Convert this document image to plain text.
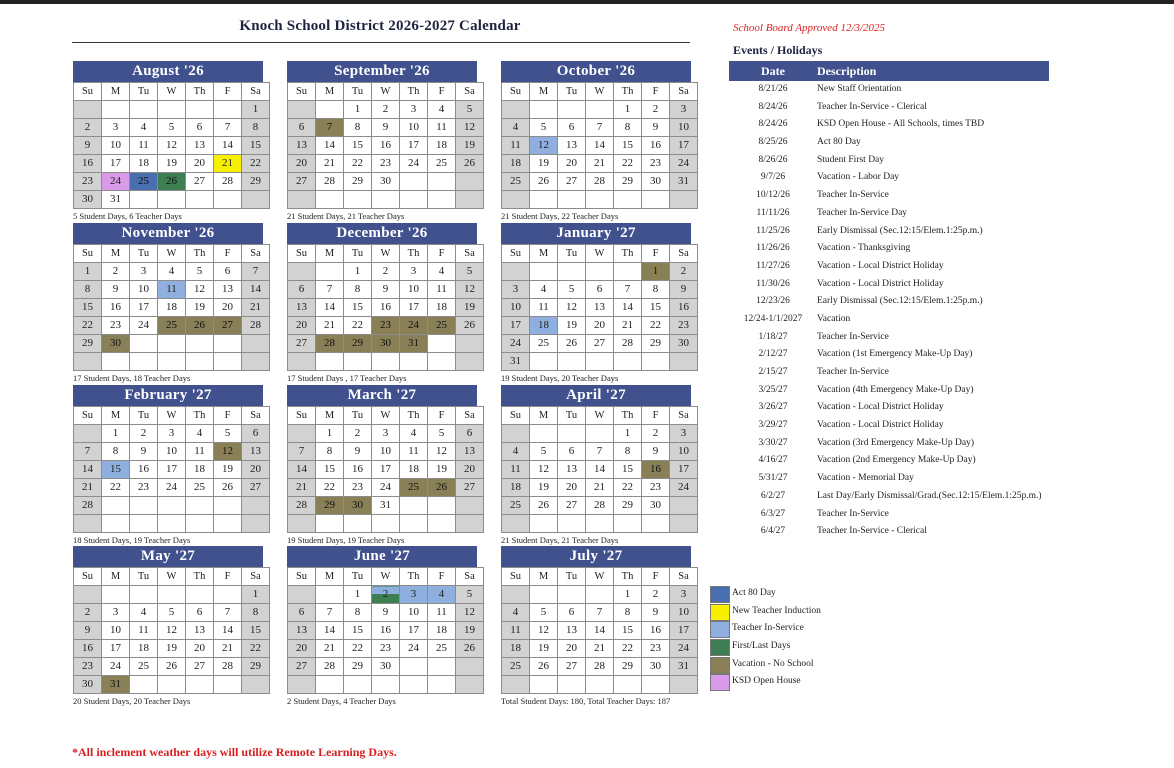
Knoch School District 2026-2027 Calendar
August '26
Su	M	Tu	W	Th	F	Sa
						1
2	3	4	5	6	7	8
9	10	11	12	13	14	15
16	17	18	19	20	21	22
23	24	25	26	27	28	29
30	31					
5 Student Days, 6 Teacher Days
September '26
Su	M	Tu	W	Th	F	Sa
		1	2	3	4	5
6	7	8	9	10	11	12
13	14	15	16	17	18	19
20	21	22	23	24	25	26
27	28	29	30			

21 Student Days, 21 Teacher Days
October '26
Su	M	Tu	W	Th	F	Sa
				1	2	3
4	5	6	7	8	9	10
11	12	13	14	15	16	17
18	19	20	21	22	23	24
25	26	27	28	29	30	31

21 Student Days, 22 Teacher Days
November '26
Su	M	Tu	W	Th	F	Sa
1	2	3	4	5	6	7
8	9	10	11	12	13	14
15	16	17	18	19	20	21
22	23	24	25	26	27	28
29	30					

17 Student Days, 18 Teacher Days
December '26
Su	M	Tu	W	Th	F	Sa
		1	2	3	4	5
6	7	8	9	10	11	12
13	14	15	16	17	18	19
20	21	22	23	24	25	26
27	28	29	30	31		

17 Student Days , 17 Teacher Days
January '27
Su	M	Tu	W	Th	F	Sa
					1	2
3	4	5	6	7	8	9
10	11	12	13	14	15	16
17	18	19	20	21	22	23
24	25	26	27	28	29	30
31						
19 Student Days, 20 Teacher Days
February '27
Su	M	Tu	W	Th	F	Sa
	1	2	3	4	5	6
7	8	9	10	11	12	13
14	15	16	17	18	19	20
21	22	23	24	25	26	27
28						

18 Student Days, 19 Teacher Days
March '27
Su	M	Tu	W	Th	F	Sa
	1	2	3	4	5	6
7	8	9	10	11	12	13
14	15	16	17	18	19	20
21	22	23	24	25	26	27
28	29	30	31			

19 Student Days, 19 Teacher Days
April '27
Su	M	Tu	W	Th	F	Sa
				1	2	3
4	5	6	7	8	9	10
11	12	13	14	15	16	17
18	19	20	21	22	23	24
25	26	27	28	29	30	

21 Student Days, 21 Teacher Days
May '27
Su	M	Tu	W	Th	F	Sa
						1
2	3	4	5	6	7	8
9	10	11	12	13	14	15
16	17	18	19	20	21	22
23	24	25	26	27	28	29
30	31					
20 Student Days, 20 Teacher Days
June '27
Su	M	Tu	W	Th	F	Sa
		1	2	3	4	5
6	7	8	9	10	11	12
13	14	15	16	17	18	19
20	21	22	23	24	25	26
27	28	29	30			

2 Student Days, 4 Teacher Days
July '27
Su	M	Tu	W	Th	F	Sa
				1	2	3
4	5	6	7	8	9	10
11	12	13	14	15	16	17
18	19	20	21	22	23	24
25	26	27	28	29	30	31

School Board Approved 12/3/2025
Events / Holidays
Date	Description
8/21/26	New Staff Orientation
8/24/26	Teacher In-Service - Clerical
8/24/26	KSD Open House - All Schools, times TBD
8/25/26	Act 80 Day
8/26/26	Student First Day
9/7/26	Vacation - Labor Day
10/12/26	Teacher In-Service
11/11/26	Teacher In-Service Day
11/25/26	Early Dismissal (Sec.12:15/Elem.1:25p.m.)
11/26/26	Vacation - Thanksgiving
11/27/26	Vacation - Local District Holiday
11/30/26	Vacation - Local District Holiday
12/23/26	Early Dismissal (Sec.12:15/Elem.1:25p.m.)
12/24-1/1/2027	Vacation
1/18/27	Teacher In-Service
2/12/27	Vacation (1st Emergency Make-Up Day)
2/15/27	Teacher In-Service
3/25/27	Vacation (4th Emergency Make-Up Day)
3/26/27	Vacation - Local District Holiday
3/29/27	Vacation - Local District Holiday
3/30/27	Vacation (3rd Emergency Make-Up Day)
4/16/27	Vacation (2nd Emergency Make-Up Day)
5/31/27	Vacation - Memorial Day
6/2/27	Last Day/Early Dismissal/Grad.(Sec.12:15/Elem.1:25p.m.)
6/3/27	Teacher In-Service
6/4/27	Teacher In-Service - Clerical
Act 80 Day
New Teacher Induction
Teacher In-Service
First/Last Days
Vacation - No School
KSD Open House
Total Student Days: 180, Total Teacher Days: 187
*All inclement weather days will utilize Remote Learning Days.
